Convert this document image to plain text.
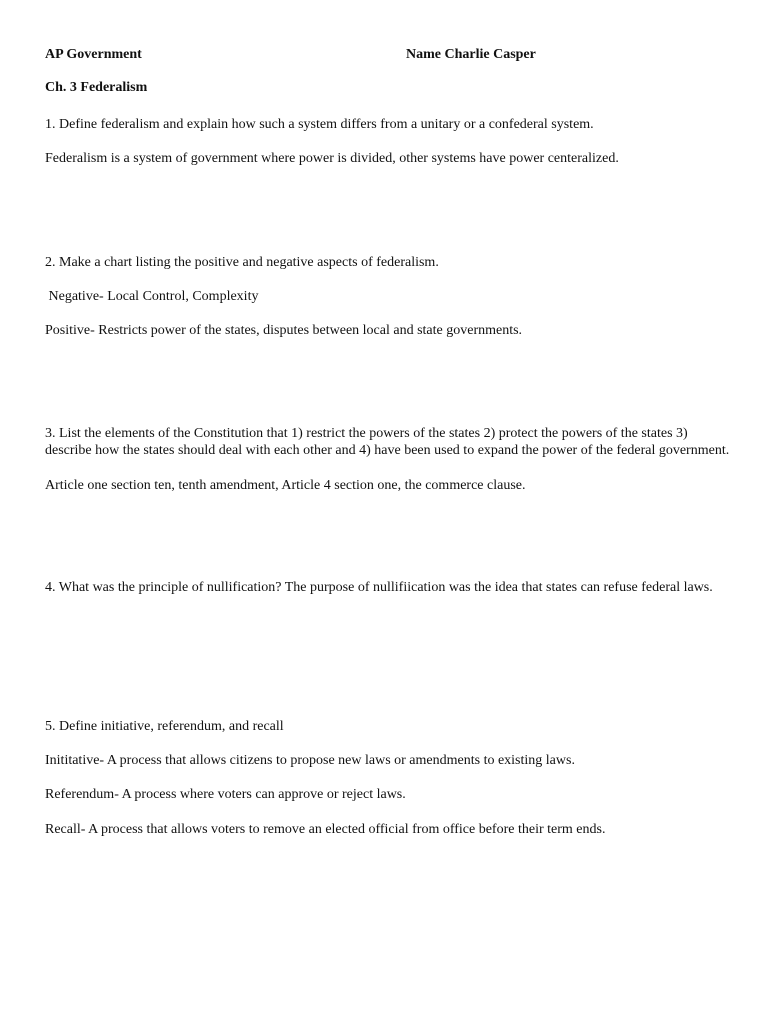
AP Government	Name Charlie Casper
Ch. 3 Federalism
1. Define federalism and explain how such a system differs from a unitary or a confederal system.
Federalism is a system of government where power is divided, other systems have power centeralized.
2. Make a chart listing the positive and negative aspects of federalism.
Negative- Local Control, Complexity
Positive- Restricts power of the states, disputes between local and state governments.
3. List the elements of the Constitution that 1) restrict the powers of the states 2) protect the powers of the states 3) describe how the states should deal with each other and 4) have been used to expand the power of the federal government.
Article one section ten, tenth amendment, Article 4 section one, the commerce clause.
4. What was the principle of nullification? The purpose of nullifiication was the idea that states can refuse federal laws.
5. Define initiative, referendum, and recall
Inititative- A process that allows citizens to propose new laws or amendments to existing laws.
Referendum- A process where voters can approve or reject laws.
Recall- A process that allows voters to remove an elected official from office before their term ends.
